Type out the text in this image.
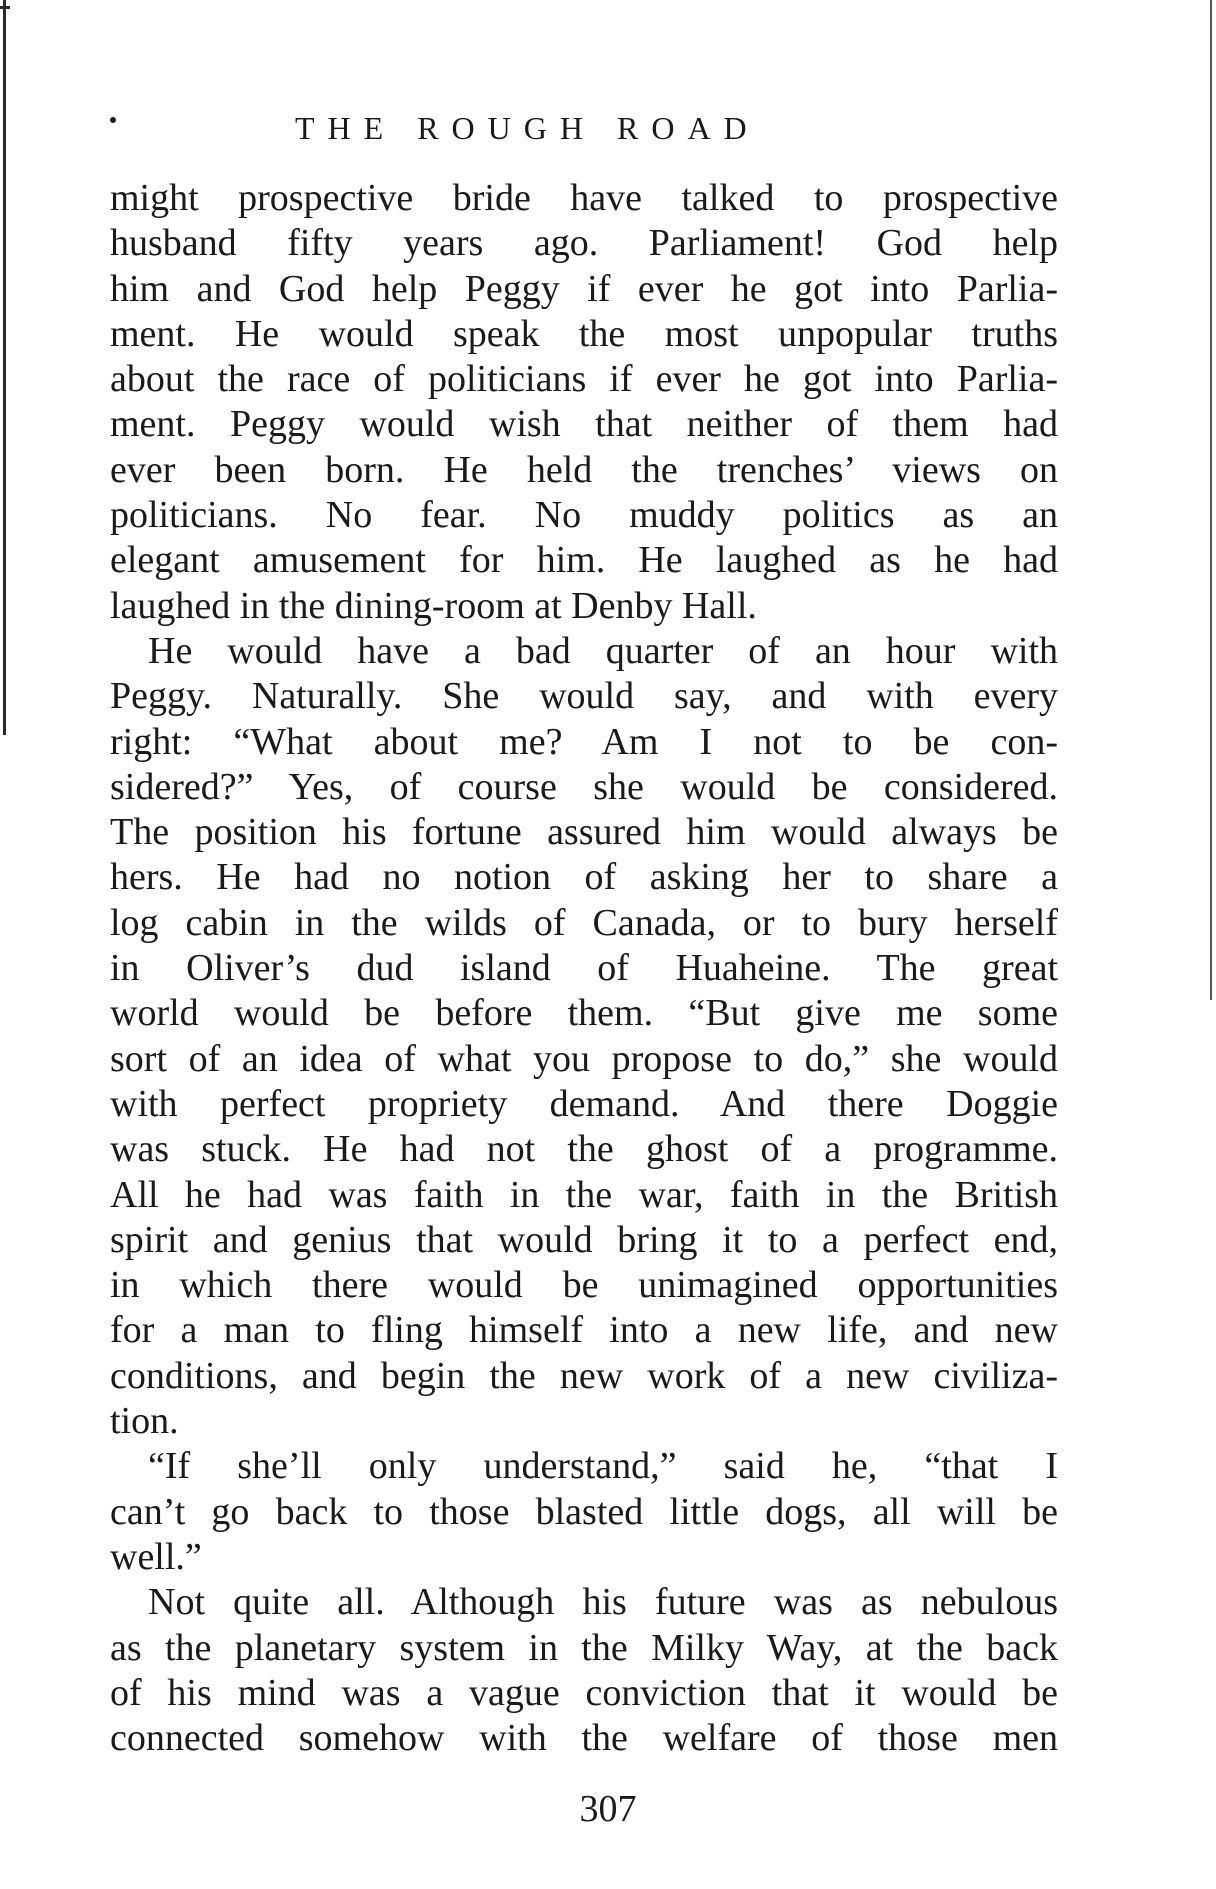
THE ROUGH ROAD
might prospective bride have talked to prospective
husband fifty years ago. Parliament! God help
him and God help Peggy if ever he got into Parlia-
ment. He would speak the most unpopular truths
about the race of politicians if ever he got into Parlia-
ment. Peggy would wish that neither of them had
ever been born. He held the trenches’ views on
politicians. No fear. No muddy politics as an
elegant amusement for him. He laughed as he had
laughed in the dining-room at Denby Hall.
He would have a bad quarter of an hour with
Peggy. Naturally. She would say, and with every
right: “What about me? Am I not to be con-
sidered?” Yes, of course she would be considered.
The position his fortune assured him would always be
hers. He had no notion of asking her to share a
log cabin in the wilds of Canada, or to bury herself
in Oliver’s dud island of Huaheine. The great
world would be before them. “But give me some
sort of an idea of what you propose to do,” she would
with perfect propriety demand. And there Doggie
was stuck. He had not the ghost of a programme.
All he had was faith in the war, faith in the British
spirit and genius that would bring it to a perfect end,
in which there would be unimagined opportunities
for a man to fling himself into a new life, and new
conditions, and begin the new work of a new civiliza-
tion.
“If she’ll only understand,” said he, “that I
can’t go back to those blasted little dogs, all will be
well.”
Not quite all. Although his future was as nebulous
as the planetary system in the Milky Way, at the back
of his mind was a vague conviction that it would be
connected somehow with the welfare of those men
307
